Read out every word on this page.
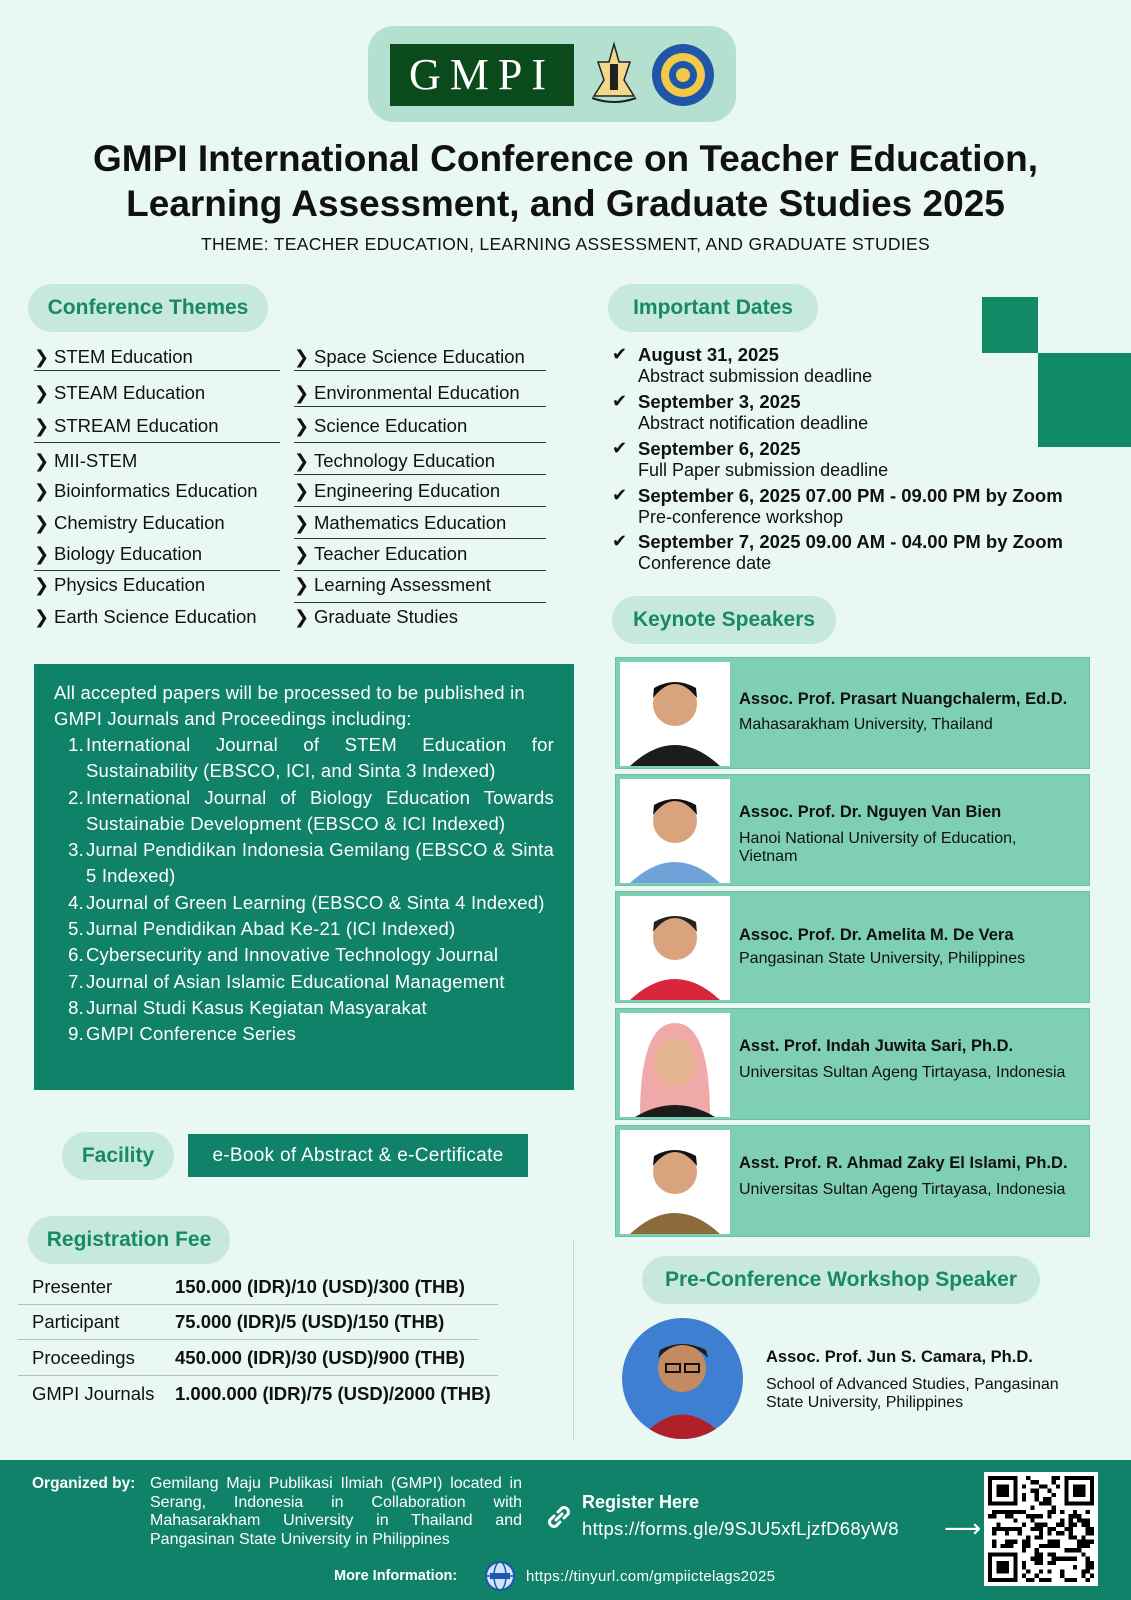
GMPI
GMPI International Conference on Teacher Education,
Learning Assessment, and Graduate Studies 2025
THEME: TEACHER EDUCATION, LEARNING ASSESSMENT, AND GRADUATE STUDIES
Conference Themes
❯ STEM Education
❯ STEAM Education
❯ STREAM Education
❯ MII-STEM
❯ Bioinformatics Education
❯ Chemistry Education
❯ Biology Education
❯ Physics Education
❯ Earth Science Education
❯ Space Science Education
❯ Environmental Education
❯ Science Education
❯ Technology Education
❯ Engineering Education
❯ Mathematics Education
❯ Teacher Education
❯ Learning Assessment
❯ Graduate Studies
Important Dates
✔ August 31, 2025
Abstract submission deadline
✔ September 3, 2025
Abstract notification deadline
✔ September 6, 2025
Full Paper submission deadline
✔ September 6, 2025 07.00 PM - 09.00 PM by Zoom
Pre-conference workshop
✔ September 7, 2025 09.00 AM - 04.00 PM by Zoom
Conference date
All accepted papers will be processed to be published in GMPI Journals and Proceedings including:
1. International Journal of STEM Education for Sustainability (EBSCO, ICI, and Sinta 3 Indexed)
2. International Journal of Biology Education Towards Sustainabie Development (EBSCO & ICI Indexed)
3. Jurnal Pendidikan Indonesia Gemilang (EBSCO & Sinta 5 Indexed)
4. Journal of Green Learning (EBSCO & Sinta 4 Indexed)
5. Jurnal Pendidikan Abad Ke-21 (ICI Indexed)
6. Cybersecurity and Innovative Technology Journal
7. Journal of Asian Islamic Educational Management
8. Jurnal Studi Kasus Kegiatan Masyarakat
9. GMPI Conference Series
Facility	e-Book of Abstract & e-Certificate
Registration Fee
Presenter	150.000 (IDR)/10 (USD)/300 (THB)
Participant	75.000 (IDR)/5 (USD)/150 (THB)
Proceedings 450.000 (IDR)/30 (USD)/900 (THB)
GMPI Journals 1.000.000 (IDR)/75 (USD)/2000 (THB)
Keynote Speakers
Assoc. Prof. Prasart Nuangchalerm, Ed.D.
Mahasarakham University, Thailand
Assoc. Prof. Dr. Nguyen Van Bien
Hanoi National University of Education, Vietnam
Assoc. Prof. Dr. Amelita M. De Vera
Pangasinan State University, Philippines
Asst. Prof. Indah Juwita Sari, Ph.D.
Universitas Sultan Ageng Tirtayasa, Indonesia
Asst. Prof. R. Ahmad Zaky El Islami, Ph.D.
Universitas Sultan Ageng Tirtayasa, Indonesia
Pre-Conference Workshop Speaker
Assoc. Prof. Jun S. Camara, Ph.D.
School of Advanced Studies, Pangasinan State University, Philippines
Organized by: Gemilang Maju Publikasi Ilmiah (GMPI) located in Serang, Indonesia in Collaboration with Mahasarakham University in Thailand and Pangasinan State University in Philippines
Register Here
https://forms.gle/9SJU5xfLjzfD68yW8 ⟶
More Information:	https://tinyurl.com/gmpiictelags2025
